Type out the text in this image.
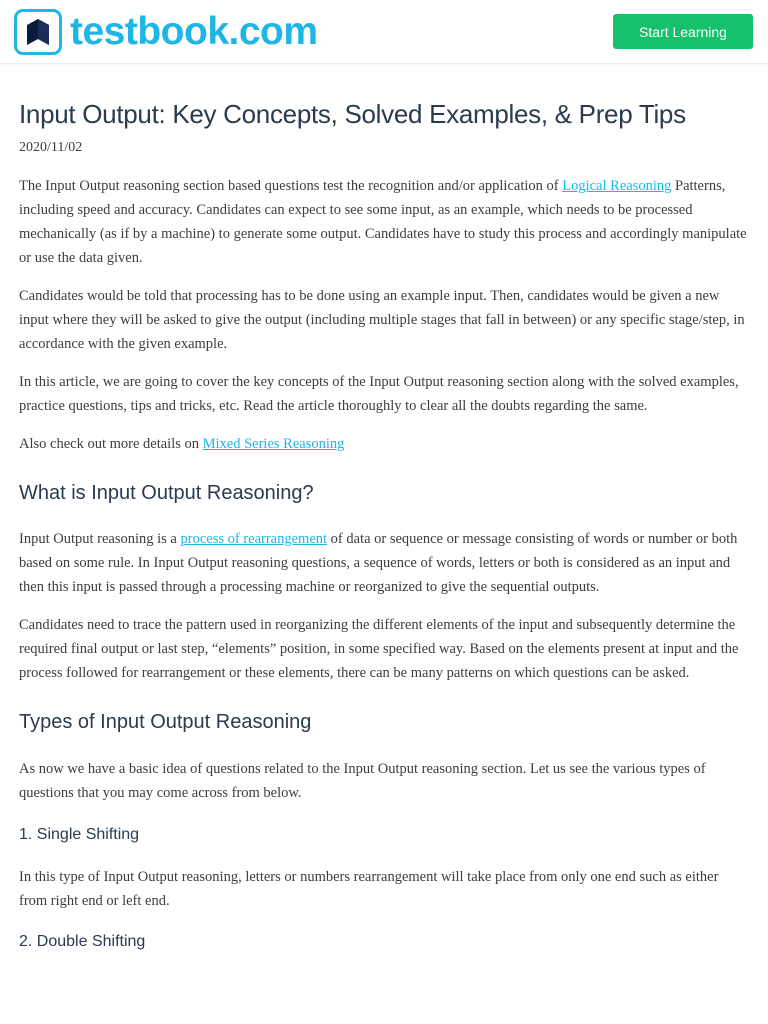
testbook.com	Start Learning
Input Output: Key Concepts, Solved Examples, & Prep Tips
2020/11/02

The Input Output reasoning section based questions test the recognition and/or application of Logical Reasoning Patterns, including speed and accuracy. Candidates can expect to see some input, as an example, which needs to be processed mechanically (as if by a machine) to generate some output. Candidates have to study this process and accordingly manipulate or use the data given.

Candidates would be told that processing has to be done using an example input. Then, candidates would be given a new input where they will be asked to give the output (including multiple stages that fall in between) or any specific stage/step, in accordance with the given example.

In this article, we are going to cover the key concepts of the Input Output reasoning section along with the solved examples, practice questions, tips and tricks, etc. Read the article thoroughly to clear all the doubts regarding the same.

Also check out more details on Mixed Series Reasoning

What is Input Output Reasoning?

Input Output reasoning is a process of rearrangement of data or sequence or message consisting of words or number or both based on some rule. In Input Output reasoning questions, a sequence of words, letters or both is considered as an input and then this input is passed through a processing machine or reorganized to give the sequential outputs.

Candidates need to trace the pattern used in reorganizing the different elements of the input and subsequently determine the required final output or last step, “elements” position, in some specified way. Based on the elements present at input and the process followed for rearrangement or these elements, there can be many patterns on which questions can be asked.

Types of Input Output Reasoning

As now we have a basic idea of questions related to the Input Output reasoning section. Let us see the various types of questions that you may come across from below.

1. Single Shifting

In this type of Input Output reasoning, letters or numbers rearrangement will take place from only one end such as either from right end or left end.

2. Double Shifting
